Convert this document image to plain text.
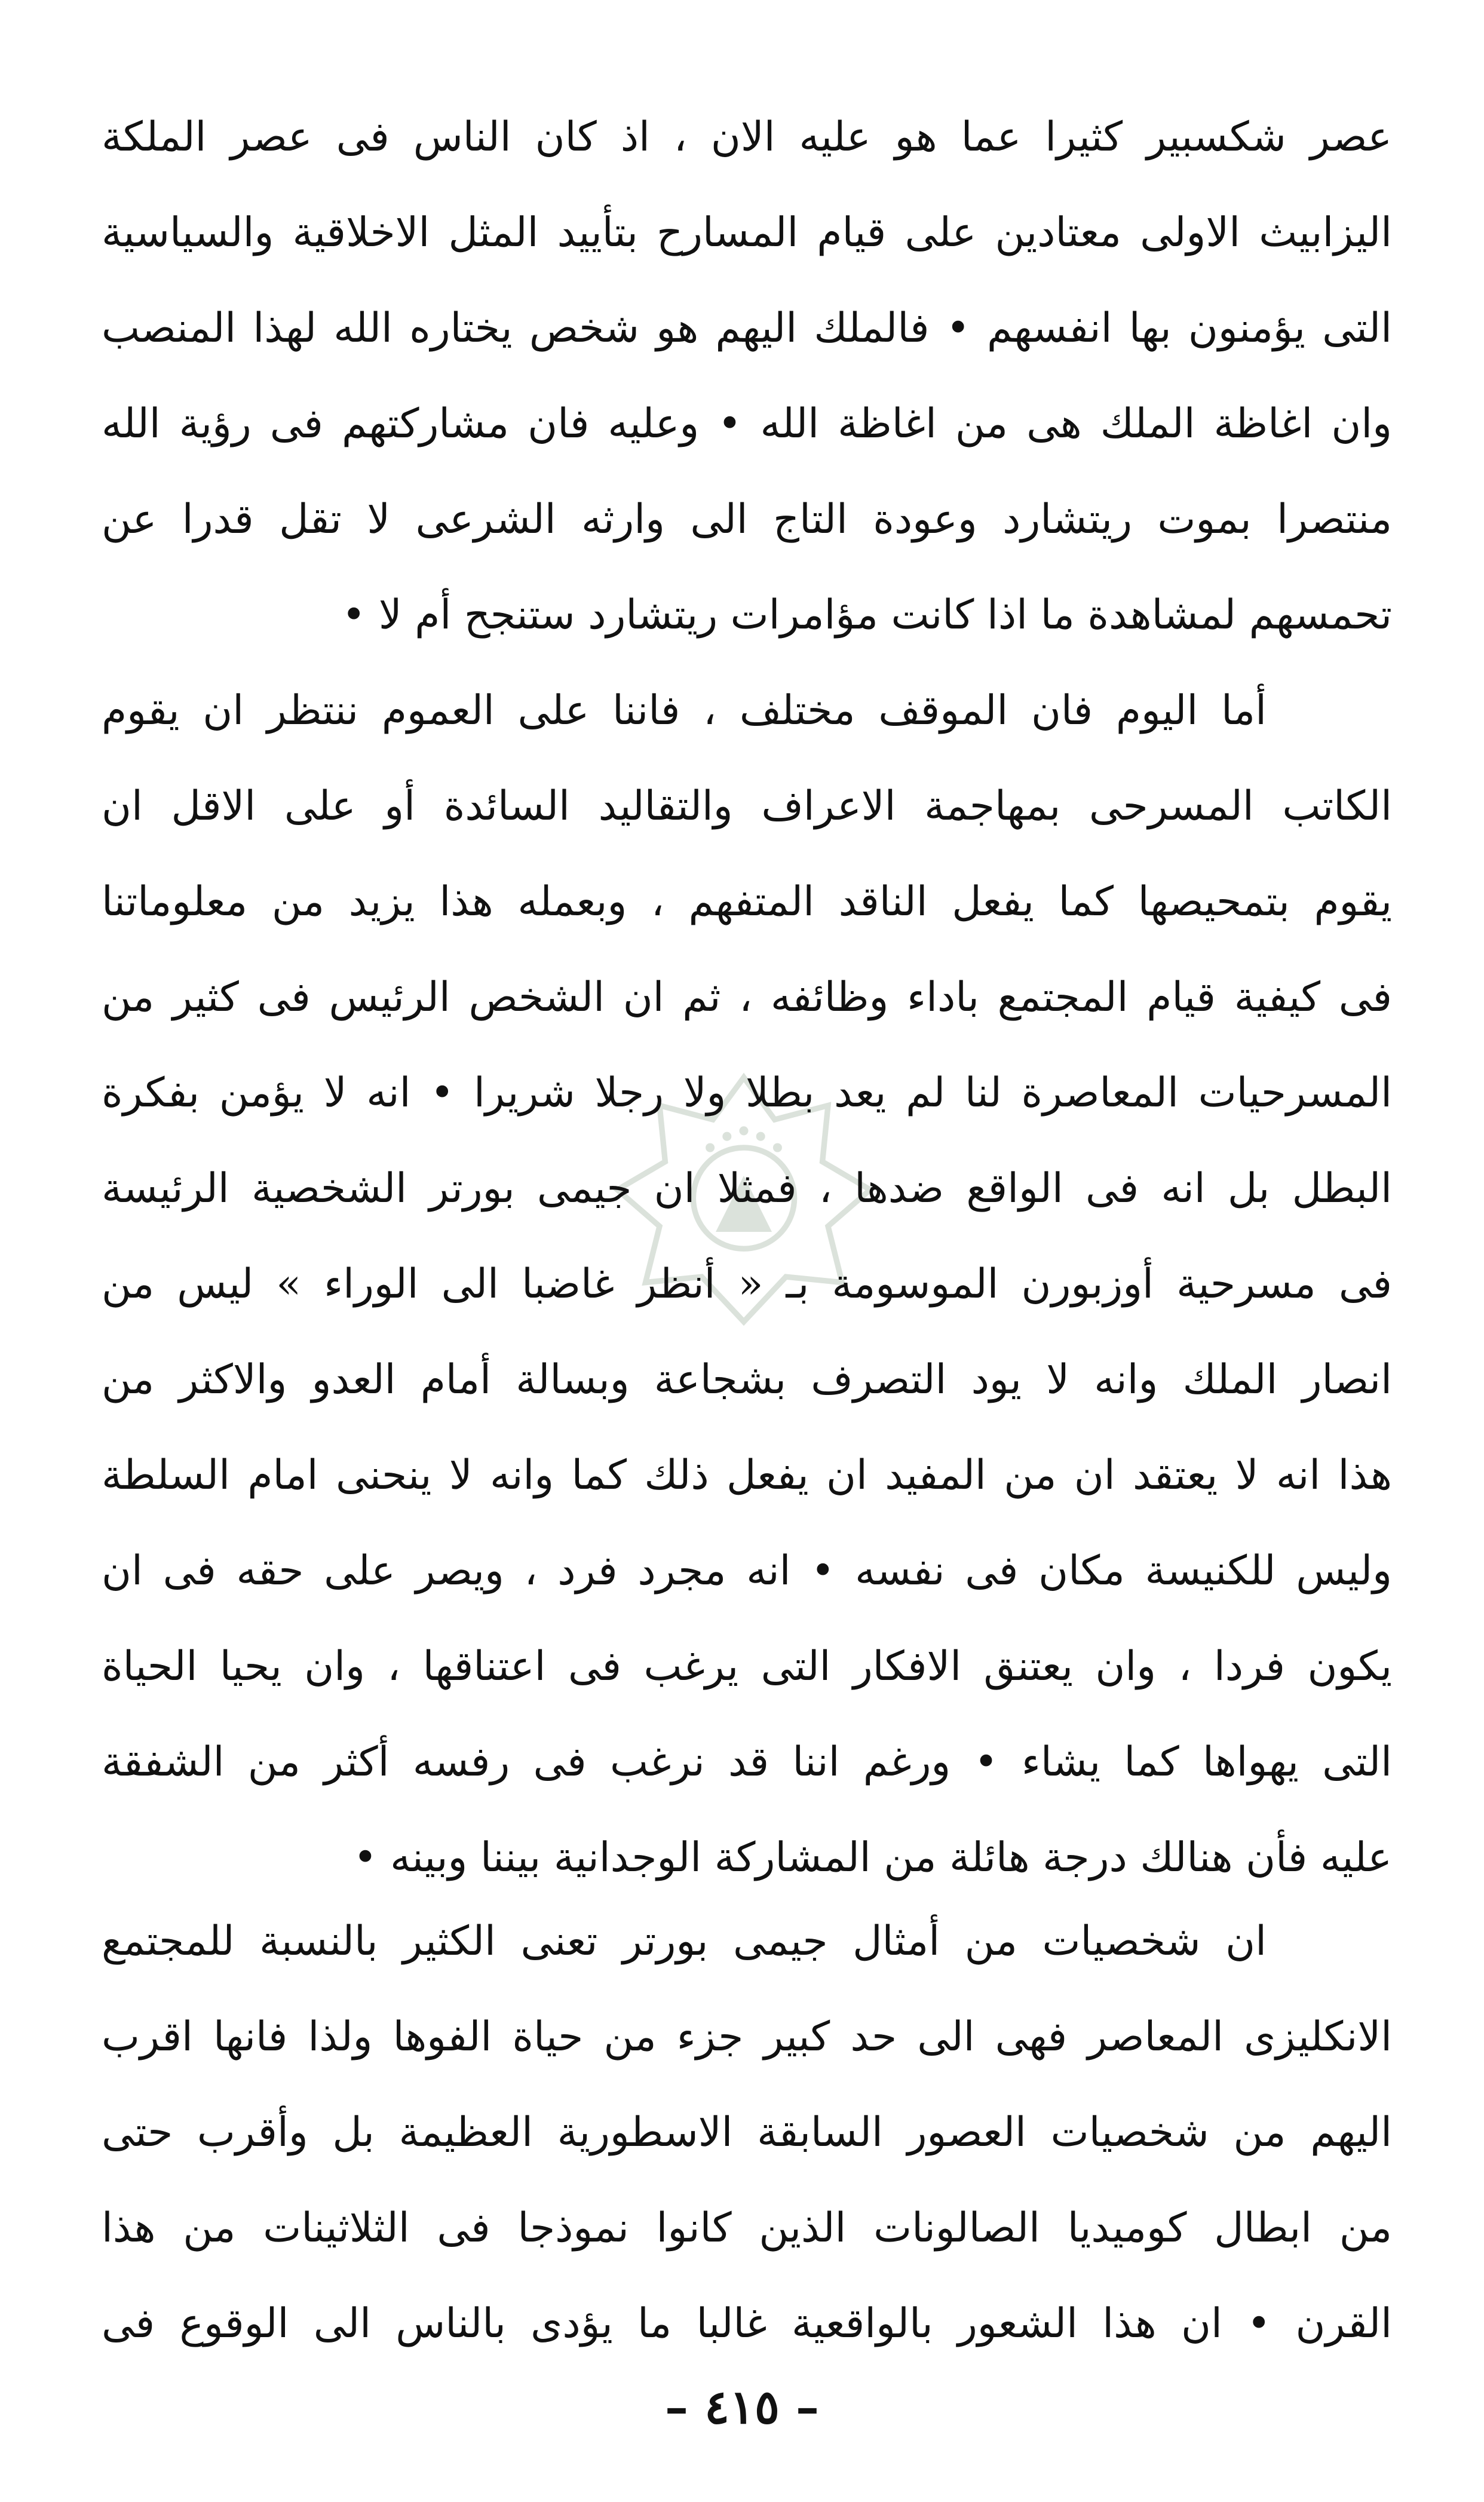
عصر شكسبير كثيرا عما هو عليه الان ، اذ كان الناس فى عصر الملكة
اليزابيث الاولى معتادين على قيام المسارح بتأييد المثل الاخلاقية والسياسية
التى يؤمنون بها انفسهم • فالملك اليهم هو شخص يختاره الله لهذا المنصب
وان اغاظة الملك هى من اغاظة الله • وعليه فان مشاركتهم فى رؤية الله
منتصرا بموت ريتشارد وعودة التاج الى وارثه الشرعى لا تقل قدرا عن
تحمسهم لمشاهدة ما اذا كانت مؤامرات ريتشارد ستنجح أم لا •
أما اليوم فان الموقف مختلف ، فاننا على العموم ننتظر ان يقوم
الكاتب المسرحى بمهاجمة الاعراف والتقاليد السائدة أو على الاقل ان
يقوم بتمحيصها كما يفعل الناقد المتفهم ، وبعمله هذا يزيد من معلوماتنا
فى كيفية قيام المجتمع باداء وظائفه ، ثم ان الشخص الرئيس فى كثير من
المسرحيات المعاصرة لنا لم يعد بطلا ولا رجلا شريرا • انه لا يؤمن بفكرة
البطل بل انه فى الواقع ضدها ، فمثلا ان جيمى بورتر الشخصية الرئيسة
فى مسرحية أوزبورن الموسومة بـ « أنظر غاضبا الى الوراء » ليس من
انصار الملك وانه لا يود التصرف بشجاعة وبسالة أمام العدو والاكثر من
هذا انه لا يعتقد ان من المفيد ان يفعل ذلك كما وانه لا ينحنى امام السلطة
وليس للكنيسة مكان فى نفسه • انه مجرد فرد ، ويصر على حقه فى ان
يكون فردا ، وان يعتنق الافكار التى يرغب فى اعتناقها ، وان يحيا الحياة
التى يهواها كما يشاء • ورغم اننا قد نرغب فى رفسه أكثر من الشفقة
عليه فأن هنالك درجة هائلة من المشاركة الوجدانية بيننا وبينه •
ان شخصيات من أمثال جيمى بورتر تعنى الكثير بالنسبة للمجتمع
الانكليزى المعاصر فهى الى حد كبير جزء من حياة الفوها ولذا فانها اقرب
اليهم من شخصيات العصور السابقة الاسطورية العظيمة بل وأقرب حتى
من ابطال كوميديا الصالونات الذين كانوا نموذجا فى الثلاثينات من هذا
القرن • ان هذا الشعور بالواقعية غالبا ما يؤدى بالناس الى الوقوع فى
– ٤١٥ –
